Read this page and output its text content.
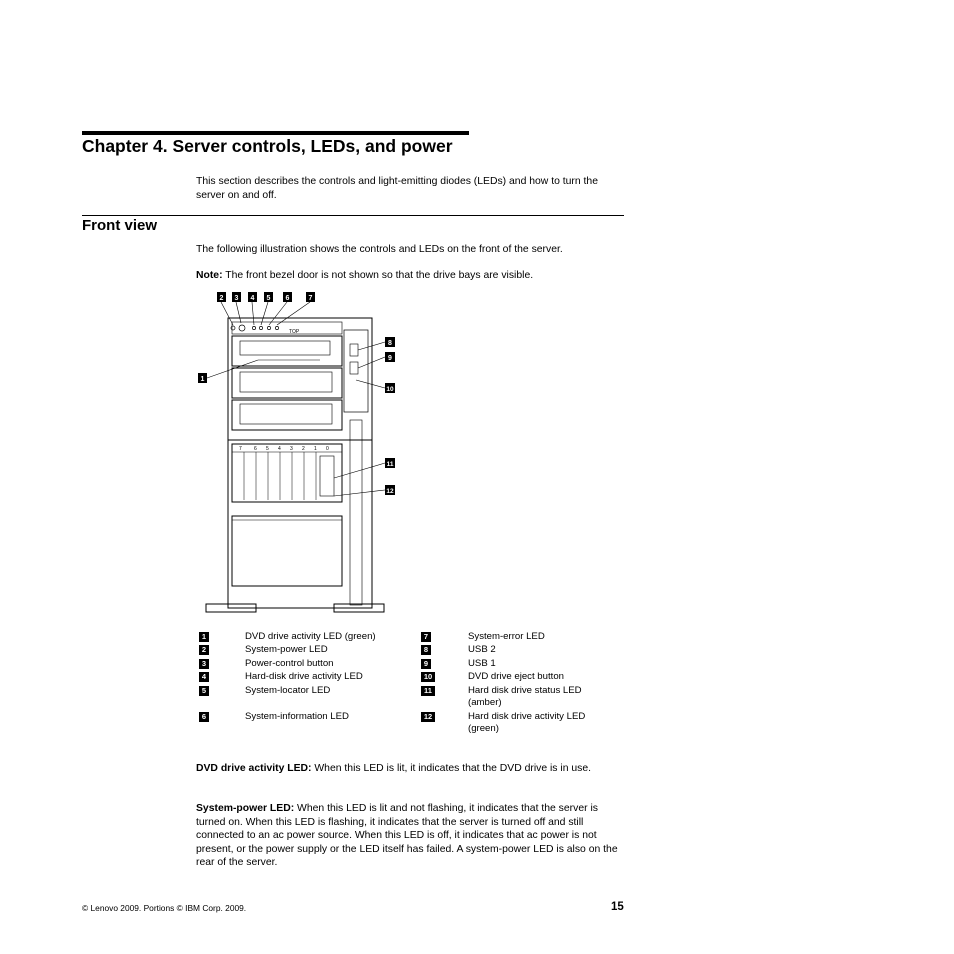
Chapter 4. Server controls, LEDs, and power
This section describes the controls and light-emitting diodes (LEDs) and how to turn the server on and off.
Front view
The following illustration shows the controls and LEDs on the front of the server.
Note: The front bezel door is not shown so that the drive bays are visible.
2 3 4 5 6	7
TOP
7 6 5 4 3 2 1 0
1
8
9
10
11
12
1	DVD drive activity LED (green)
2	System-power LED
3	Power-control button
4	Hard-disk drive activity LED
5	System-locator LED
6	System-information LED
7	System-error LED
8	USB 2
9	USB 1
10	DVD drive eject button
11	Hard disk drive status LED (amber)
12	Hard disk drive activity LED (green)
DVD drive activity LED: When this LED is lit, it indicates that the DVD drive is in use.
System-power LED: When this LED is lit and not flashing, it indicates that the server is turned on. When this LED is flashing, it indicates that the server is turned off and still connected to an ac power source. When this LED is off, it indicates that ac power is not present, or the power supply or the LED itself has failed. A system-power LED is also on the rear of the server.
© Lenovo 2009. Portions © IBM Corp. 2009.	15
